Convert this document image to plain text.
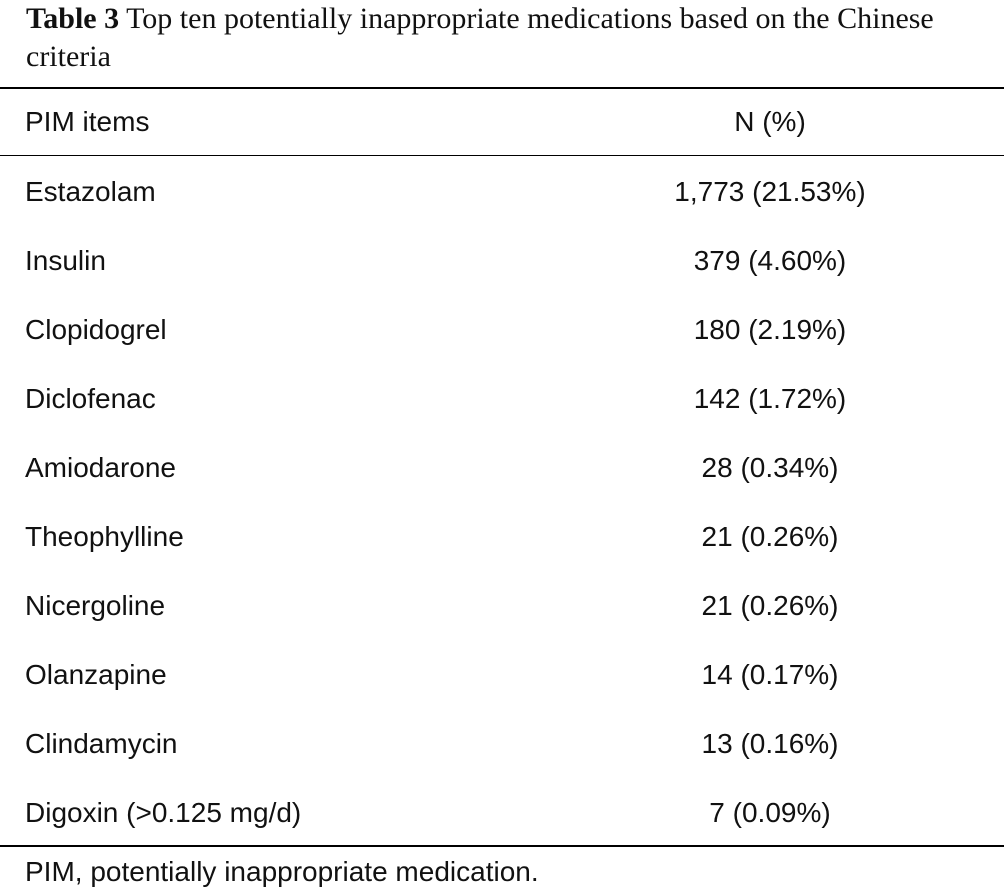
Table 3 Top ten potentially inappropriate medications based on the Chinese criteria
PIM items	N (%)
Estazolam	1,773 (21.53%)
Insulin	379 (4.60%)
Clopidogrel	180 (2.19%)
Diclofenac	142 (1.72%)
Amiodarone	28 (0.34%)
Theophylline	21 (0.26%)
Nicergoline	21 (0.26%)
Olanzapine	14 (0.17%)
Clindamycin	13 (0.16%)
Digoxin (>0.125 mg/d)	7 (0.09%)
PIM, potentially inappropriate medication.
